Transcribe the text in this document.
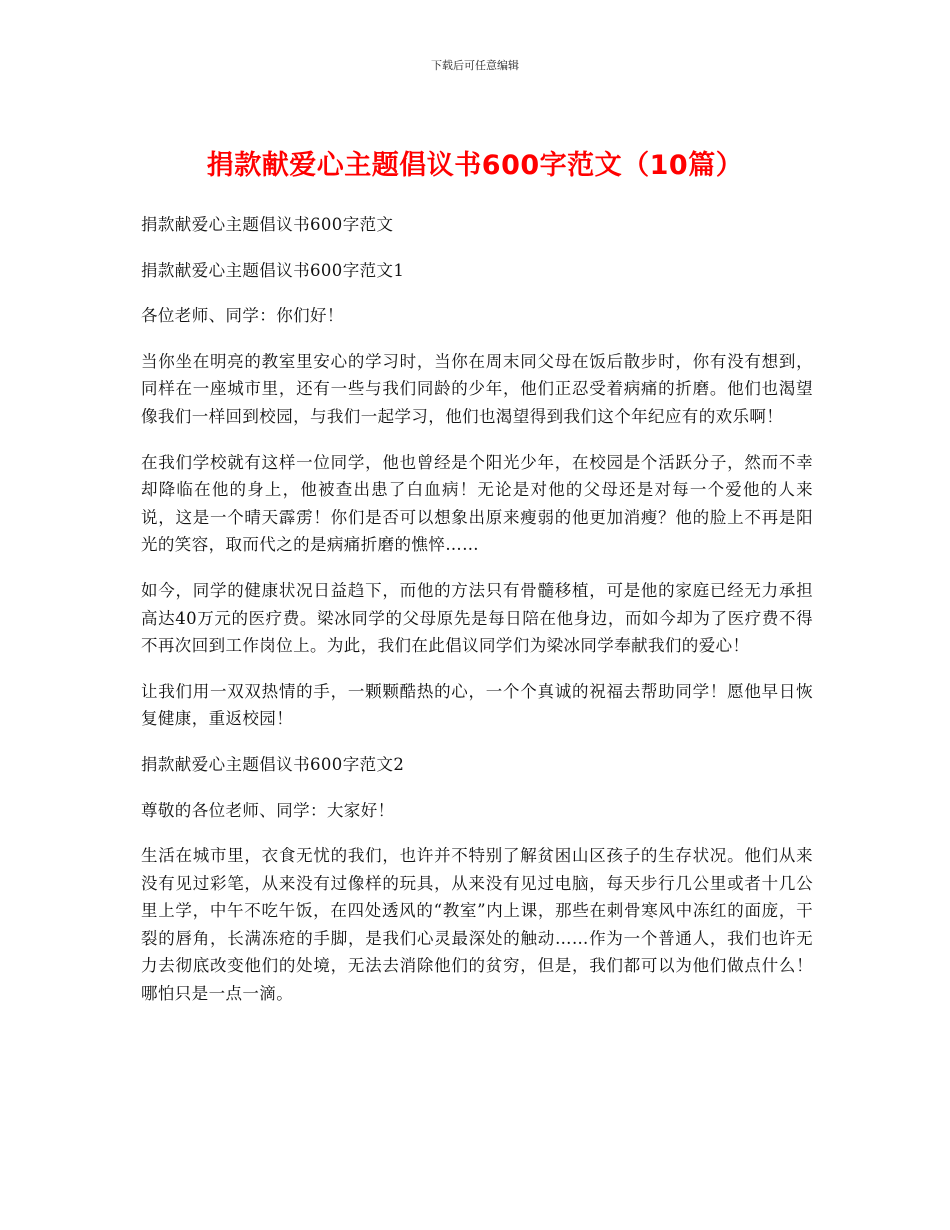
下载后可任意编辑
捐款献爱心主题倡议书600字范文（10篇）

捐款献爱心主题倡议书600字范文

捐款献爱心主题倡议书600字范文1

各位老师、同学：你们好！

当你坐在明亮的教室里安心的学习时，当你在周末同父母在饭后散步时，你有没有想到，同样在一座城市里，还有一些与我们同龄的少年，他们正忍受着病痛的折磨。他们也渴望像我们一样回到校园，与我们一起学习，他们也渴望得到我们这个年纪应有的欢乐啊！

在我们学校就有这样一位同学，他也曾经是个阳光少年，在校园是个活跃分子，然而不幸却降临在他的身上，他被查出患了白血病！无论是对他的父母还是对每一个爱他的人来说，这是一个晴天霹雳！你们是否可以想象出原来瘦弱的他更加消瘦？他的脸上不再是阳光的笑容，取而代之的是病痛折磨的憔悴……

如今，同学的健康状况日益趋下，而他的方法只有骨髓移植，可是他的家庭已经无力承担高达40万元的医疗费。梁冰同学的父母原先是每日陪在他身边，而如今却为了医疗费不得不再次回到工作岗位上。为此，我们在此倡议同学们为梁冰同学奉献我们的爱心！

让我们用一双双热情的手，一颗颗酷热的心，一个个真诚的祝福去帮助同学！愿他早日恢复健康，重返校园！

捐款献爱心主题倡议书600字范文2

尊敬的各位老师、同学：大家好！

生活在城市里，衣食无忧的我们，也许并不特别了解贫困山区孩子的生存状况。他们从来没有见过彩笔，从来没有过像样的玩具，从来没有见过电脑，每天步行几公里或者十几公里上学，中午不吃午饭，在四处透风的“教室”内上课，那些在刺骨寒风中冻红的面庞，干裂的唇角，长满冻疮的手脚，是我们心灵最深处的触动……作为一个普通人，我们也许无力去彻底改变他们的处境，无法去消除他们的贫穷，但是，我们都可以为他们做点什么！哪怕只是一点一滴。
